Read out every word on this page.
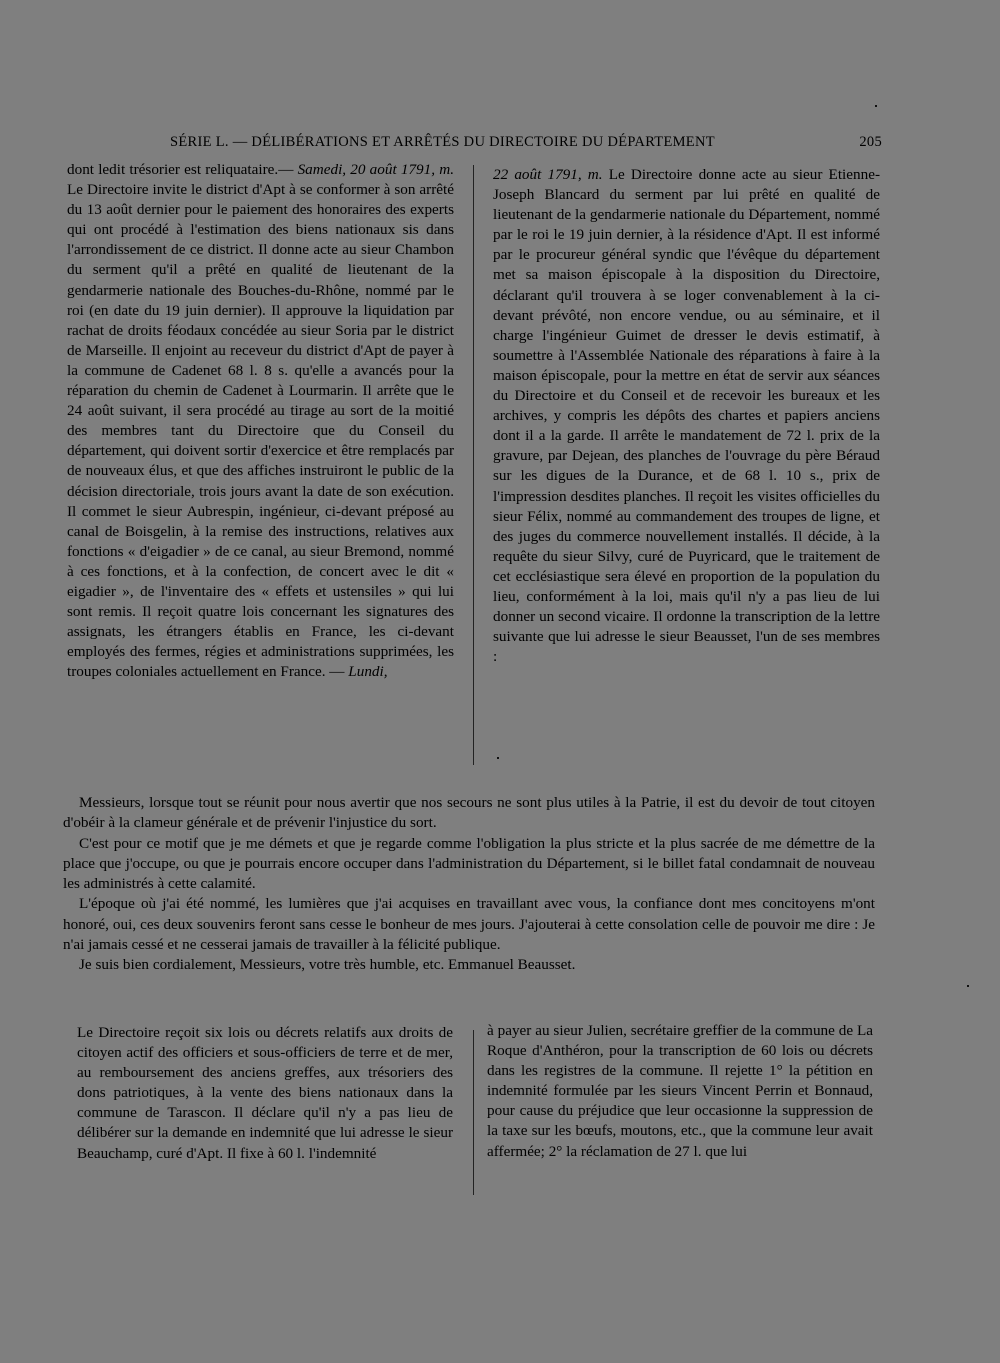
SÉRIE L. — DÉLIBÉRATIONS ET ARRÊTÉS DU DIRECTOIRE DU DÉPARTEMENT	205

dont ledit trésorier est reliquataire.— Samedi, 20 août 1791, m. Le Directoire invite le district d'Apt à se conformer à son arrêté du 13 août dernier pour le paiement des honoraires des experts qui ont procédé à l'estimation des biens nationaux sis dans l'arrondissement de ce district. Il donne acte au sieur Chambon du serment qu'il a prêté en qualité de lieutenant de la gendarmerie nationale des Bouches-du-Rhône, nommé par le roi (en date du 19 juin dernier). Il approuve la liquidation par rachat de droits féodaux concédée au sieur Soria par le district de Marseille. Il enjoint au receveur du district d'Apt de payer à la commune de Cadenet 68 l. 8 s. qu'elle a avancés pour la réparation du chemin de Cadenet à Lourmarin. Il arrête que le 24 août suivant, il sera procédé au tirage au sort de la moitié des membres tant du Directoire que du Conseil du département, qui doivent sortir d'exercice et être remplacés par de nouveaux élus, et que des affiches instruiront le public de la décision directoriale, trois jours avant la date de son exécution. Il commet le sieur Aubrespin, ingénieur, ci-devant préposé au canal de Boisgelin, à la remise des instructions, relatives aux fonctions « d'eigadier » de ce canal, au sieur Bremond, nommé à ces fonctions, et à la confection, de concert avec le dit « eigadier », de l'inventaire des « effets et ustensiles » qui lui sont remis. Il reçoit quatre lois concernant les signatures des assignats, les étrangers établis en France, les ci-devant employés des fermes, régies et administrations supprimées, les troupes coloniales actuellement en France. — Lundi,

22 août 1791, m. Le Directoire donne acte au sieur Etienne-Joseph Blancard du serment par lui prêté en qualité de lieutenant de la gendarmerie nationale du Département, nommé par le roi le 19 juin dernier, à la résidence d'Apt. Il est informé par le procureur général syndic que l'évêque du département met sa maison épiscopale à la disposition du Directoire, déclarant qu'il trouvera à se loger convenablement à la ci-devant prévôté, non encore vendue, ou au séminaire, et il charge l'ingénieur Guimet de dresser le devis estimatif, à soumettre à l'Assemblée Nationale des réparations à faire à la maison épiscopale, pour la mettre en état de servir aux séances du Directoire et du Conseil et de recevoir les bureaux et les archives, y compris les dépôts des chartes et papiers anciens dont il a la garde. Il arrête le mandatement de 72 l. prix de la gravure, par Dejean, des planches de l'ouvrage du père Béraud sur les digues de la Durance, et de 68 l. 10 s., prix de l'impression desdites planches. Il reçoit les visites officielles du sieur Félix, nommé au commandement des troupes de ligne, et des juges du commerce nouvellement installés. Il décide, à la requête du sieur Silvy, curé de Puyricard, que le traitement de cet ecclésiastique sera élevé en proportion de la population du lieu, conformément à la loi, mais qu'il n'y a pas lieu de lui donner un second vicaire. Il ordonne la transcription de la lettre suivante que lui adresse le sieur Beausset, l'un de ses membres :

Messieurs, lorsque tout se réunit pour nous avertir que nos secours ne sont plus utiles à la Patrie, il est du devoir de tout citoyen d'obéir à la clameur générale et de prévenir l'injustice du sort.

C'est pour ce motif que je me démets et que je regarde comme l'obligation la plus stricte et la plus sacrée de me démettre de la place que j'occupe, ou que je pourrais encore occuper dans l'administration du Département, si le billet fatal condamnait de nouveau les administrés à cette calamité.

L'époque où j'ai été nommé, les lumières que j'ai acquises en travaillant avec vous, la confiance dont mes concitoyens m'ont honoré, oui, ces deux souvenirs feront sans cesse le bonheur de mes jours. J'ajouterai à cette consolation celle de pouvoir me dire : Je n'ai jamais cessé et ne cesserai jamais de travailler à la félicité publique.

Je suis bien cordialement, Messieurs, votre très humble, etc. Emmanuel Beausset.

Le Directoire reçoit six lois ou décrets relatifs aux droits de citoyen actif des officiers et sous-officiers de terre et de mer, au remboursement des anciens greffes, aux trésoriers des dons patriotiques, à la vente des biens nationaux dans la commune de Tarascon. Il déclare qu'il n'y a pas lieu de délibérer sur la demande en indemnité que lui adresse le sieur Beauchamp, curé d'Apt. Il fixe à 60 l. l'indemnité

à payer au sieur Julien, secrétaire greffier de la commune de La Roque d'Anthéron, pour la transcription de 60 lois ou décrets dans les registres de la commune. Il rejette 1° la pétition en indemnité formulée par les sieurs Vincent Perrin et Bonnaud, pour cause du préjudice que leur occasionne la suppression de la taxe sur les bœufs, moutons, etc., que la commune leur avait affermée; 2° la réclamation de 27 l. que lui
